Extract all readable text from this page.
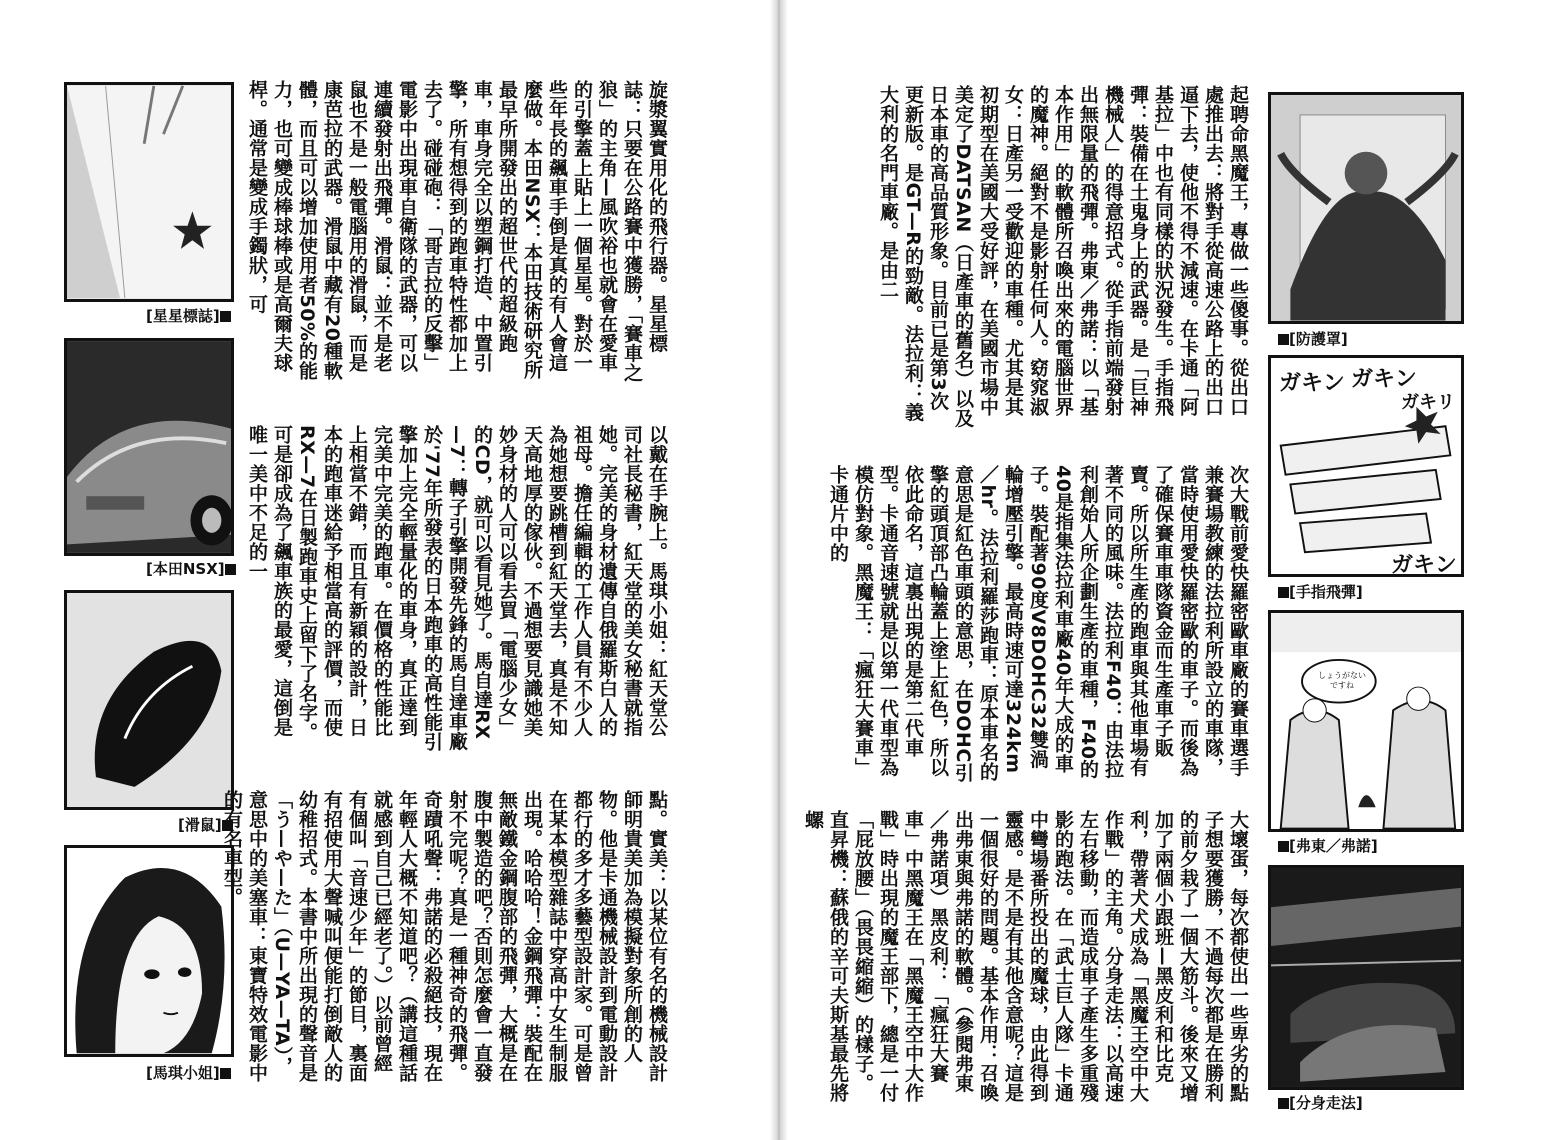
[星星標誌]
[本田NSX]
[滑鼠]
[馬琪小姐]
旋漿翼實用化的飛行器。星星標誌：只要在公路賽中獲勝，「賽車之狼」的主角—風吹裕也就會在愛車的引擎蓋上貼上一個星星。對於一些年長的飆車手倒是真的有人會這麼做。本田NSX：本田技術研究所最早所開發出的超世代的超級跑車，車身完全以塑鋼打造、中置引擎，所有想得到的跑車特性都加上去了。碰碰砲：「哥吉拉的反擊」電影中出現車自衛隊的武器，可以連續發射出飛彈。滑鼠：並不是老鼠也不是一般電腦用的滑鼠，而是康芭拉的武器。滑鼠中藏有20種軟體，而且可以增加使用者50%的能力，也可變成棒球棒或是高爾夫球桿。通常是變成手鐲狀，可
以戴在手腕上。馬琪小姐：紅天堂公司社長秘書，紅天堂的美女秘書就指她。完美的身材遺傳自俄羅斯白人的祖母。擔任編輯的工作人員有不少人為她想要跳槽到紅天堂去，真是不知天高地厚的傢伙。不過想要見識她美妙身材的人可以看去買「電腦少女」的CD，就可以看見她了。馬自達RX—7：轉子引擎開發先鋒的馬自達車廠於'77年所發表的日本跑車的高性能引擎加上完全輕量化的車身，真正達到完美中完美的跑車。在價格的性能比上相當不錯，而且有新穎的設計，日本的跑車迷給予相當高的評價，而使RX—7在日製跑車史上留下了名字。可是卻成為了飆車族的最愛，這倒是唯一美中不足的一
點。實美：以某位有名的機械設計師明貴美加為模擬對象所創的人物。他是卡通機械設計到電動設計都行的多才多藝型設計家。可是曾在某本模型雜誌中穿高中女生制服出現。哈哈哈！金鋼飛彈：裝配在無敵鐵金鋼腹部的飛彈，大概是在腹中製造的吧？否則怎麼會一直發射不完呢？真是一種神奇的飛彈。奇蹟吼聲：弗諾的必殺絕技，現在年輕人大概不知道吧？（講這種話就感到自己已經老了。）以前曾經有個叫「音速少年」的節目，裏面有招使用大聲喊叫便能打倒敵人的幼稚招式。本書中所出現的聲音是「う—や—た」（U—YA—TA），意思中的美塞車：東寶特效電影中的有名車型。
起聘命黑魔王，專做一些傻事。從出口處推出去：將對手從高速公路上的出口逼下去，使他不得不減速。在卡通「阿基拉」中也有同樣的狀況發生。手指飛彈：裝備在土鬼身上的武器。是「巨神機械人」的得意招式。從手指前端發射出無限量的飛彈。弗東／弗諾：以「基本作用」的軟體所召喚出來的電腦世界的魔神。絕對不是影射任何人。窈窕淑女：日產另一受歡迎的車種。尤其是其初期型在美國大受好評，在美國市場中美定了DATSAN（日產車的舊名）以及日本車的高品質形象。目前已是第3次更新版。是GT—R的勁敵。法拉利：義大利的名門車廠。是由二
次大戰前愛快羅密歐車廠的賽車選手兼賽場教練的法拉利所設立的車隊，當時使用愛快羅密歐的車子。而後為了確保賽車車隊資金而生產車子販賣。所以所生產的跑車與其他車場有著不同的風味。法拉利F40：由法拉利創始人所企劃生產的車種，F40的40是指集法拉利車廠40年大成的車子。裝配著90度V8DOHC32雙渦輪增壓引擎。最高時速可達324km／hr。法拉利羅莎跑車：原本車名的意思是紅色車頭的意思，在DOHC引擎的頭頂部凸輪蓋上塗上紅色，所以依此命名，這裏出現的是第二代車型。卡通音速號就是以第一代車型為模仿對象。黑魔王：「瘋狂大賽車」卡通片中的
大壞蛋，每次都使出一些卑劣的點子想要獲勝，不過每次都是在勝利的前夕栽了一個大筋斗。後來又增加了兩個小跟班—黑皮利和比克利，帶著犬犬成為「黑魔王空中大作戰」的主角。分身走法：以高速左右移動，而造成車子產生多重殘影的跑法。在「武士巨人隊」卡通中彎場番所投出的魔球，由此得到靈感。是不是有其他含意呢？這是一個很好的問題。基本作用：召喚出弗東與弗諾的軟體。（參閱弗東／弗諾項）黑皮利：「瘋狂大賽車」中黑魔王在「黑魔王空中大作戰」時出現的魔王部下，總是一付「屁放腰」（畏畏縮縮）的樣子。直昇機：蘇俄的辛可夫斯基最先將螺
[防護罩]
ガキン ガキン
ガキリ
ガキン
[手指飛彈]
しょうがないですね
[弗東／弗諾]
[分身走法]
